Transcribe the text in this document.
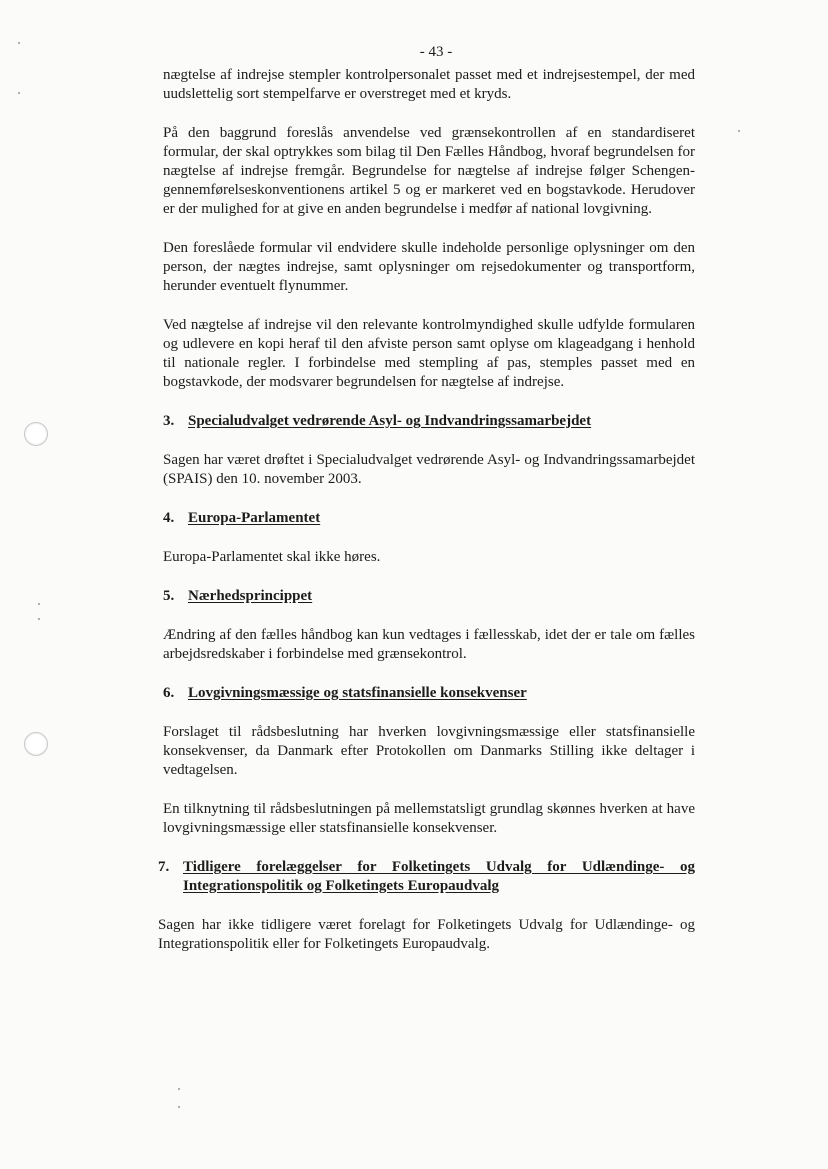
- 43 -

nægtelse af indrejse stempler kontrolpersonalet passet med et indrejsestempel, der med uudslettelig sort stempelfarve er overstreget med et kryds.

På den baggrund foreslås anvendelse ved grænsekontrollen af en standardiseret formular, der skal optrykkes som bilag til Den Fælles Håndbog, hvoraf begrundelsen for nægtelse af indrejse fremgår. Begrundelse for nægtelse af indrejse følger Schengen-gennemførelseskonventionens artikel 5 og er markeret ved en bogstavkode. Herudover er der mulighed for at give en anden begrundelse i medfør af national lovgivning.

Den foreslåede formular vil endvidere skulle indeholde personlige oplysninger om den person, der nægtes indrejse, samt oplysninger om rejsedokumenter og transportform, herunder eventuelt flynummer.

Ved nægtelse af indrejse vil den relevante kontrolmyndighed skulle udfylde formularen og udlevere en kopi heraf til den afviste person samt oplyse om klageadgang i henhold til nationale regler. I forbindelse med stempling af pas, stemples passet med en bogstavkode, der modsvarer begrundelsen for nægtelse af indrejse.

3. Specialudvalget vedrørende Asyl- og Indvandringssamarbejdet

Sagen har været drøftet i Specialudvalget vedrørende Asyl- og Indvandringssamarbejdet (SPAIS) den 10. november 2003.

4. Europa-Parlamentet

Europa-Parlamentet skal ikke høres.

5. Nærhedsprincippet

Ændring af den fælles håndbog kan kun vedtages i fællesskab, idet der er tale om fælles arbejdsredskaber i forbindelse med grænsekontrol.

6. Lovgivningsmæssige og statsfinansielle konsekvenser

Forslaget til rådsbeslutning har hverken lovgivningsmæssige eller statsfinansielle konsekvenser, da Danmark efter Protokollen om Danmarks Stilling ikke deltager i vedtagelsen.

En tilknytning til rådsbeslutningen på mellemstatsligt grundlag skønnes hverken at have lovgivningsmæssige eller statsfinansielle konsekvenser.

7. Tidligere forelæggelser for Folketingets Udvalg for Udlændinge- og Integrationspolitik og Folketingets Europaudvalg

Sagen har ikke tidligere været forelagt for Folketingets Udvalg for Udlændinge- og Integrationspolitik eller for Folketingets Europaudvalg.
